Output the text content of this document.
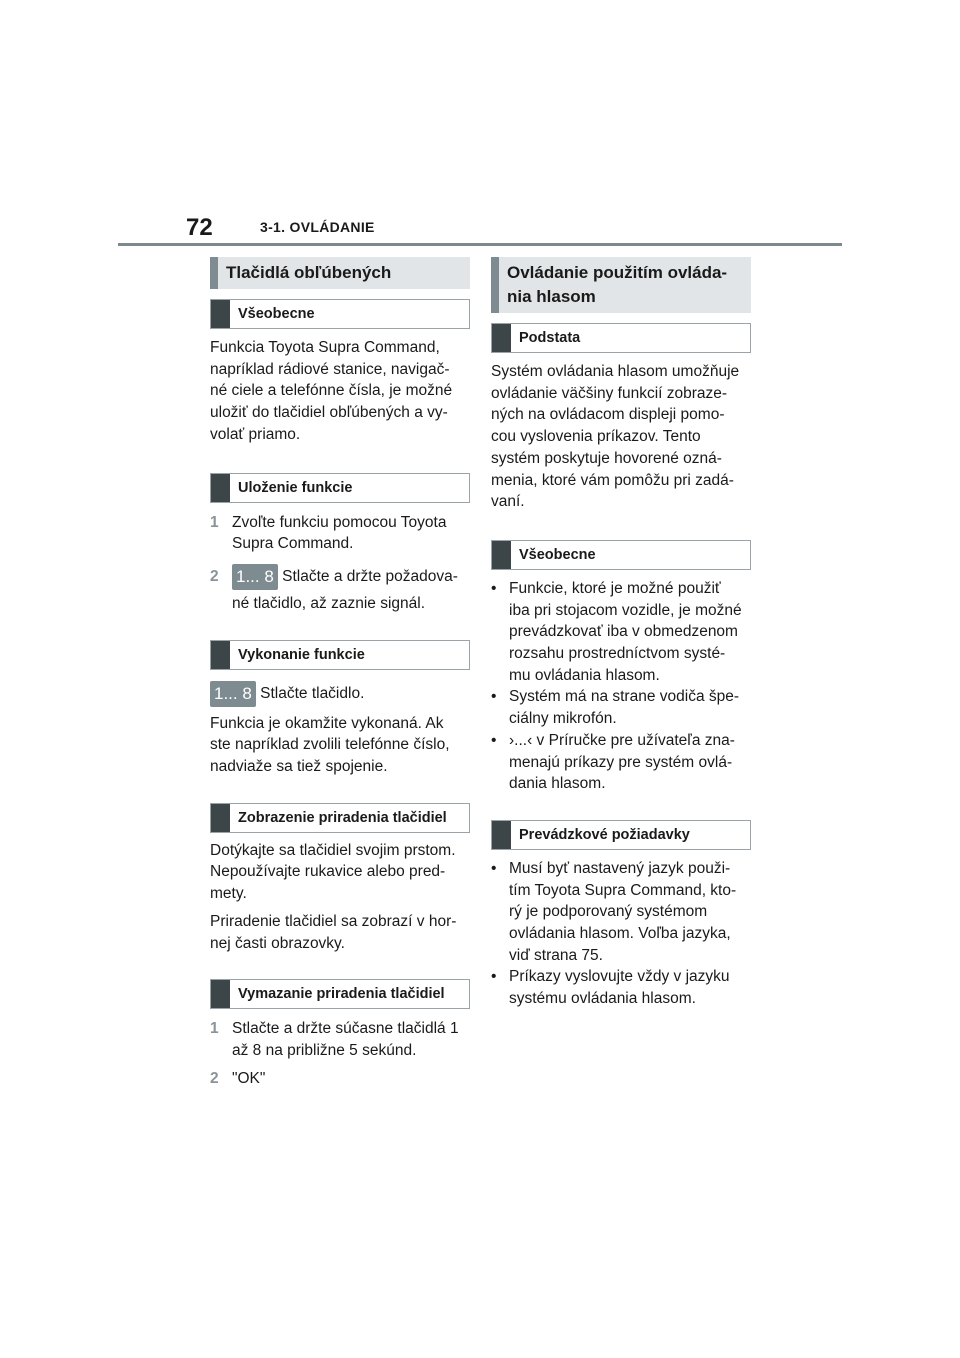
72	3-1. OVLÁDANIE
Tlačidlá obľúbených
Všeobecne
Funkcia Toyota Supra Command,
napríklad rádiové stanice, navigač-
né ciele a telefónne čísla, je možné
uložiť do tlačidiel obľúbených a vy-
volať priamo.
Uloženie funkcie
1 Zvoľte funkciu pomocou Toyota
Supra Command.
2	1... 8 Stlačte a držte požadova-
né tlačidlo, až zaznie signál.
Vykonanie funkcie
1... 8 Stlačte tlačidlo.
Funkcia je okamžite vykonaná. Ak
ste napríklad zvolili telefónne číslo,
nadviaže sa tiež spojenie.
Zobrazenie priradenia tlačidiel
Dotýkajte sa tlačidiel svojim prstom.
Nepoužívajte rukavice alebo pred-
mety.
Priradenie tlačidiel sa zobrazí v hor-
nej časti obrazovky.
Vymazanie priradenia tlačidiel
1 Stlačte a držte súčasne tlačidlá 1
až 8 na približne 5 sekúnd.
2 "OK"
Ovládanie použitím ovláda-
nia hlasom
Podstata
Systém ovládania hlasom umožňuje
ovládanie väčšiny funkcií zobraze-
ných na ovládacom displeji pomo-
cou vyslovenia príkazov. Tento
systém poskytuje hovorené ozná-
menia, ktoré vám pomôžu pri zadá-
vaní.
Všeobecne
• Funkcie, ktoré je možné použiť
iba pri stojacom vozidle, je možné
prevádzkovať iba v obmedzenom
rozsahu prostredníctvom systé-
mu ovládania hlasom.
• Systém má na strane vodiča špe-
ciálny mikrofón.
• ›...‹ v Príručke pre užívateľa zna-
menajú príkazy pre systém ovlá-
dania hlasom.
Prevádzkové požiadavky
• Musí byť nastavený jazyk použi-
tím Toyota Supra Command, kto-
rý je podporovaný systémom
ovládania hlasom. Voľba jazyka,
viď strana 75.
• Príkazy vyslovujte vždy v jazyku
systému ovládania hlasom.
